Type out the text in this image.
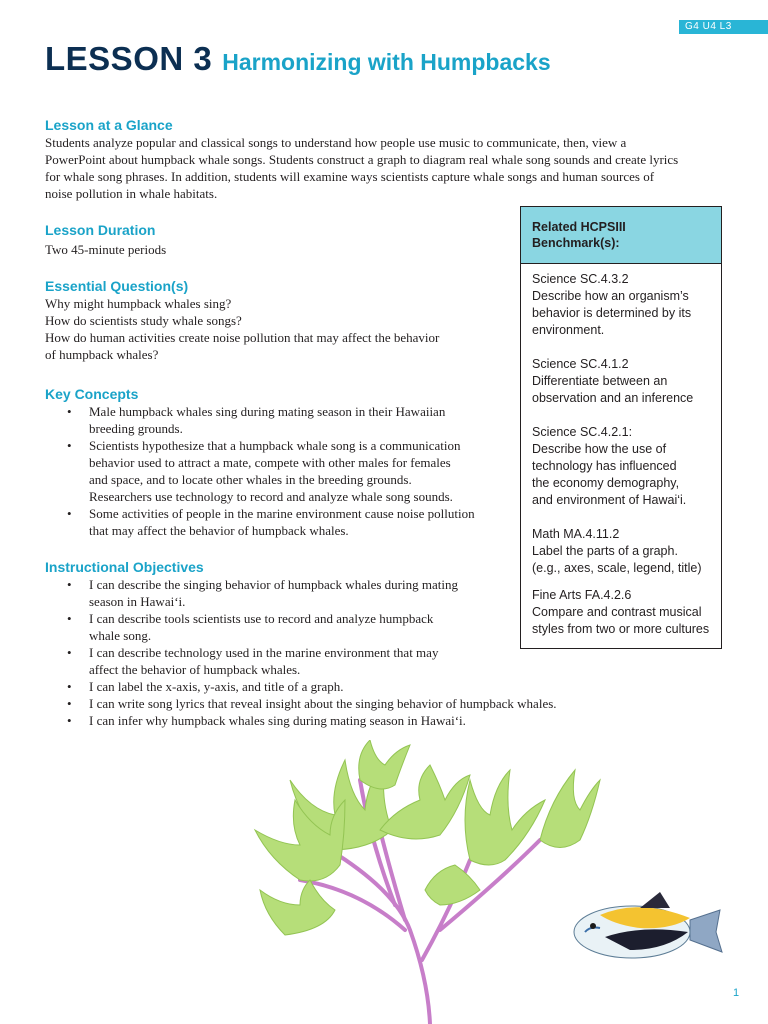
G4 U4 L3
LESSON 3 Harmonizing with Humpbacks
Lesson at a Glance
Students analyze popular and classical songs to understand how people use music to communicate, then, view a
PowerPoint about humpback whale songs. Students construct a graph to diagram real whale song sounds and create lyrics
for whale song phrases. In addition, students will examine ways scientists capture whale songs and human sources of
noise pollution in whale habitats.
Lesson Duration
Two 45-minute periods
Essential Question(s)
Why might humpback whales sing?
How do scientists study whale songs?
How do human activities create noise pollution that may affect the behavior
of humpback whales?
Key Concepts
• Male humpback whales sing during mating season in their Hawaiian
breeding grounds.
• Scientists hypothesize that a humpback whale song is a communication
behavior used to attract a mate, compete with other males for females
and space, and to locate other whales in the breeding grounds.
Researchers use technology to record and analyze whale song sounds.
• Some activities of people in the marine environment cause noise pollution
that may affect the behavior of humpback whales.
Instructional Objectives
• I can describe the singing behavior of humpback whales during mating
season in Hawai‘i.
• I can describe tools scientists use to record and analyze humpback
whale song.
• I can describe technology used in the marine environment that may
affect the behavior of humpback whales.
• I can label the x-axis, y-axis, and title of a graph.
• I can write song lyrics that reveal insight about the singing behavior of humpback whales.
• I can infer why humpback whales sing during mating season in Hawai‘i.
Related HCPSIII
Benchmark(s):
Science SC.4.3.2
Describe how an organism’s
behavior is determined by its
environment.
Science SC.4.1.2
Differentiate between an
observation and an inference
Science SC.4.2.1:
Describe how the use of
technology has influenced
the economy demography,
and environment of Hawai‘i.
Math MA.4.11.2
Label the parts of a graph.
(e.g., axes, scale, legend, title)
Fine Arts FA.4.2.6
Compare and contrast musical
styles from two or more cultures
1
